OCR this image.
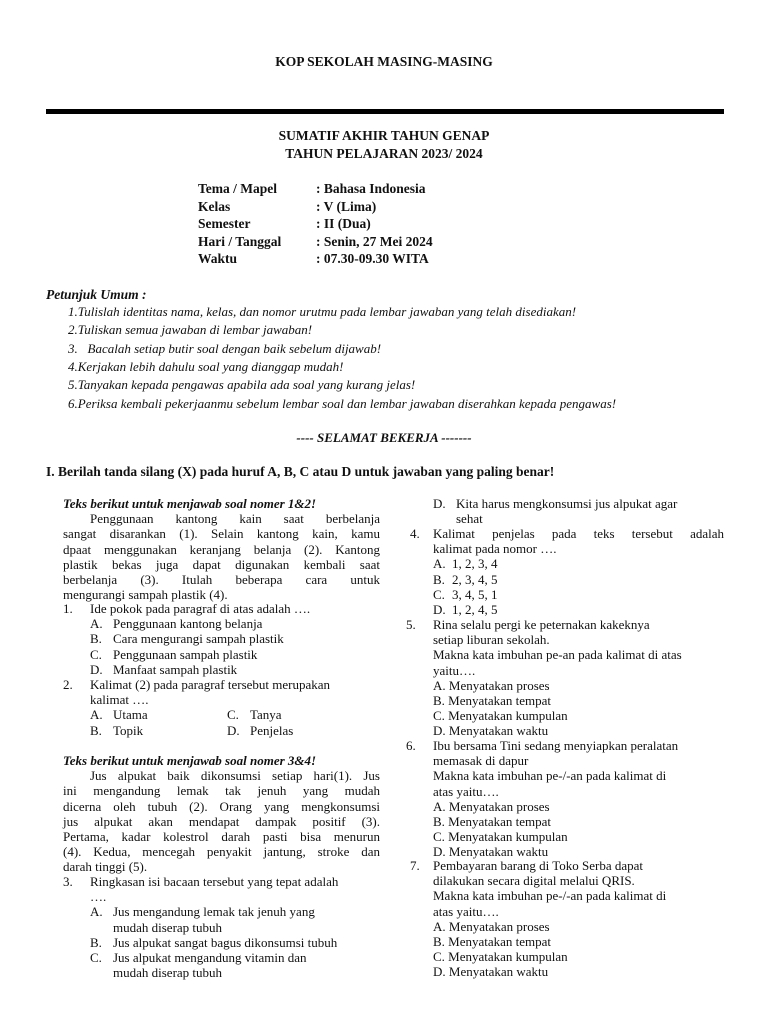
KOP SEKOLAH MASING-MASING
SUMATIF AKHIR TAHUN GENAP
TAHUN PELAJARAN 2023/ 2024
Tema / Mapel	: Bahasa Indonesia
Kelas	: V (Lima)
Semester	: II (Dua)
Hari / Tanggal	: Senin, 27 Mei 2024
Waktu	: 07.30-09.30 WITA
Petunjuk Umum :
1.Tulislah identitas nama, kelas, dan nomor urutmu pada lembar jawaban yang telah disediakan!
2.Tuliskan semua jawaban di lembar jawaban!
3.   Bacalah setiap butir soal dengan baik sebelum dijawab!
4.Kerjakan lebih dahulu soal yang dianggap mudah!
5.Tanyakan kepada pengawas apabila ada soal yang kurang jelas!
6.Periksa kembali pekerjaanmu sebelum lembar soal dan lembar jawaban diserahkan kepada pengawas!
---- SELAMAT BEKERJA -------
I. Berilah tanda silang (X) pada huruf A, B, C atau D untuk jawaban yang paling benar!
Teks berikut untuk menjawab soal nomer 1&2!
Penggunaan kantong kain saat berbelanja
sangat disarankan (1). Selain kantong kain, kamu
dpaat menggunakan keranjang belanja (2). Kantong
plastik bekas juga dapat digunakan kembali saat
berbelanja (3). Itulah beberapa cara untuk
mengurangi sampah plastik (4).
1. Ide pokok pada paragraf di atas adalah ….
A. Penggunaan kantong belanja
B. Cara mengurangi sampah plastik
C. Penggunaan sampah plastik
D. Manfaat sampah plastik
2. Kalimat (2) pada paragraf tersebut merupakan
kalimat ….
A. Utama	C. Tanya
B. Topik	D. Penjelas
Teks berikut untuk menjawab soal nomer 3&4!
Jus alpukat baik dikonsumsi setiap hari(1). Jus
ini mengandung lemak tak jenuh yang mudah
dicerna oleh tubuh (2). Orang yang mengkonsumsi
jus alpukat akan mendapat dampak positif (3).
Pertama, kadar kolestrol darah pasti bisa menurun
(4). Kedua, mencegah penyakit jantung, stroke dan
darah tinggi (5).
3. Ringkasan isi bacaan tersebut yang tepat adalah
….
A. Jus mengandung lemak tak jenuh yang
mudah diserap tubuh
B. Jus alpukat sangat bagus dikonsumsi tubuh
C. Jus alpukat mengandung vitamin dan
mudah diserap tubuh
D. Kita harus mengkonsumsi jus alpukat agar
sehat
4.	Kalimat penjelas pada teks tersebut adalah
kalimat pada nomor ….
A. 1, 2, 3, 4
B. 2, 3, 4, 5
C. 3, 4, 5, 1
D. 1, 2, 4, 5
5. Rina selalu pergi ke peternakan kakeknya
setiap liburan sekolah.
Makna kata imbuhan pe-an pada kalimat di atas
yaitu….
A. Menyatakan proses
B. Menyatakan tempat
C. Menyatakan kumpulan
D. Menyatakan waktu
6. Ibu bersama Tini sedang menyiapkan peralatan
memasak di dapur
Makna kata imbuhan pe-/-an pada kalimat di
atas yaitu….
A. Menyatakan proses
B. Menyatakan tempat
C. Menyatakan kumpulan
D. Menyatakan waktu
7. Pembayaran barang di Toko Serba dapat
dilakukan secara digital melalui QRIS.
Makna kata imbuhan pe-/-an pada kalimat di
atas yaitu….
A. Menyatakan proses
B. Menyatakan tempat
C. Menyatakan kumpulan
D. Menyatakan waktu
